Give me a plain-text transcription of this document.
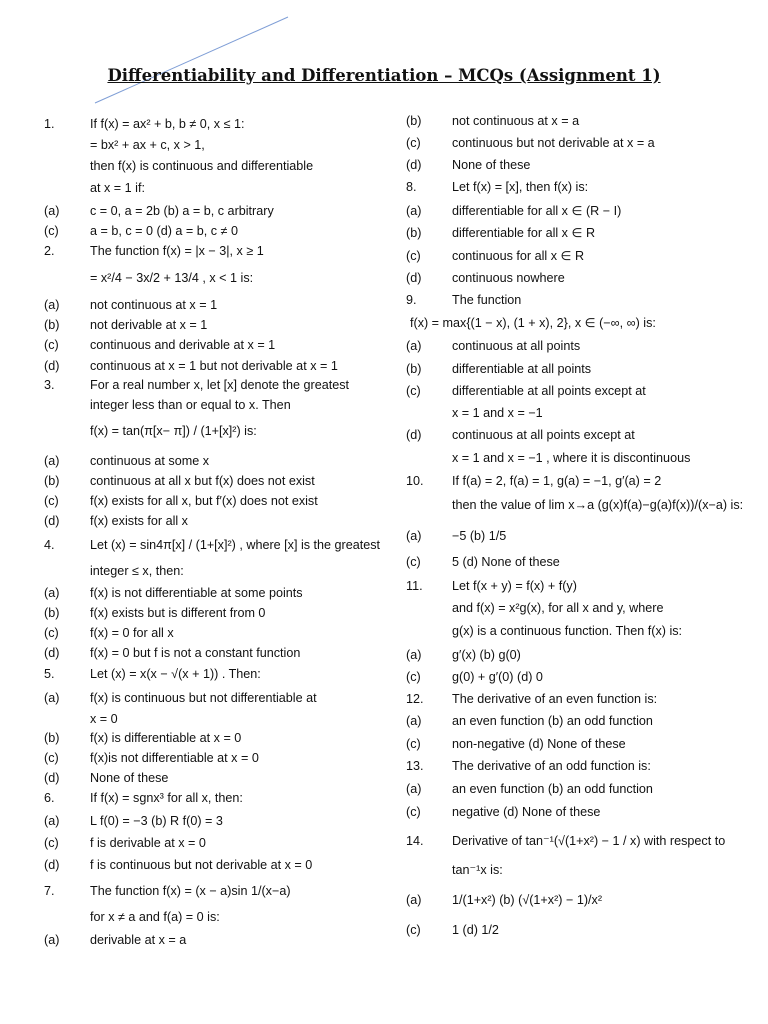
Differentiability and Differentiation – MCQs (Assignment 1)
1.	If f(x) = ax² + b, b ≠ 0, x ≤ 1:
= bx² + ax + c, x > 1,
then f(x) is continuous and differentiable
at x = 1 if:
(a) c = 0, a = 2b (b) a = b, c arbitrary
(c) a = b, c = 0 (d) a = b, c ≠ 0
2.	The function f(x) = |x − 3|, x ≥ 1
= x²/4 − 3x/2 + 13/4 , x < 1 is:
(a) not continuous at x = 1
(b) not derivable at x = 1
(c) continuous and derivable at x = 1
(d) continuous at x = 1 but not derivable at x = 1
3.	For a real number x, let [x] denote the greatest
integer less than or equal to x. Then
f(x) = tan(π[x− π]) / (1+[x]²) is:
(a) continuous at some x
(b) continuous at all x but f(x) does not exist
(c) f(x) exists for all x, but f′(x) does not exist
(d) f(x) exists for all x
4.	Let (x) = sin4π[x] / (1+[x]²) , where [x] is the greatest
integer ≤ x, then:
(a) f(x) is not differentiable at some points
(b) f(x) exists but is different from 0
(c) f(x) = 0 for all x
(d) f(x) = 0 but f is not a constant function
5.	Let (x) = x(x − √(x + 1)) . Then:
(a) f(x) is continuous but not differentiable at
x = 0
(b) f(x) is differentiable at x = 0
(c) f(x)is not differentiable at x = 0
(d) None of these
6.	If f(x) = sgnx³ for all x, then:
(a) L f(0) = −3 (b) R f(0) = 3
(c) f is derivable at x = 0
(d) f is continuous but not derivable at x = 0
7.	The function f(x) = (x − a)sin 1/(x−a)
for x ≠ a and f(a) = 0 is:
(a) derivable at x = a
(b) not continuous at x = a
(c) continuous but not derivable at x = a
(d) None of these
8.	Let f(x) = [x], then f(x) is:
(a) differentiable for all x ∈ (R − I)
(b) differentiable for all x ∈ R
(c) continuous for all x ∈ R
(d) continuous nowhere
9.	The function
f(x) = max{(1 − x), (1 + x), 2}, x ∈ (−∞, ∞) is:
(a) continuous at all points
(b) differentiable at all points
(c) differentiable at all points except at
x = 1 and x = −1
(d) continuous at all points except at
x = 1 and x = −1 , where it is discontinuous
10. If f(a) = 2, f(a) = 1, g(a) = −1, g′(a) = 2
then the value of lim x→a (g(x)f(a)−g(a)f(x))/(x−a) is:
(a) −5 (b) 1/5
(c) 5 (d) None of these
11. Let f(x + y) = f(x) + f(y)
and f(x) = x²g(x), for all x and y, where
g(x) is a continuous function. Then f(x) is:
(a) g′(x) (b) g(0)
(c) g(0) + g′(0) (d) 0
12. The derivative of an even function is:
(a) an even function (b) an odd function
(c) non-negative (d) None of these
13. The derivative of an odd function is:
(a) an even function (b) an odd function
(c) negative (d) None of these
14. Derivative of tan⁻¹(√(1+x²) − 1 / x) with respect to
tan⁻¹x is:
(a) 1/(1+x²) (b) (√(1+x²) − 1)/x²
(c) 1 (d) 1/2
